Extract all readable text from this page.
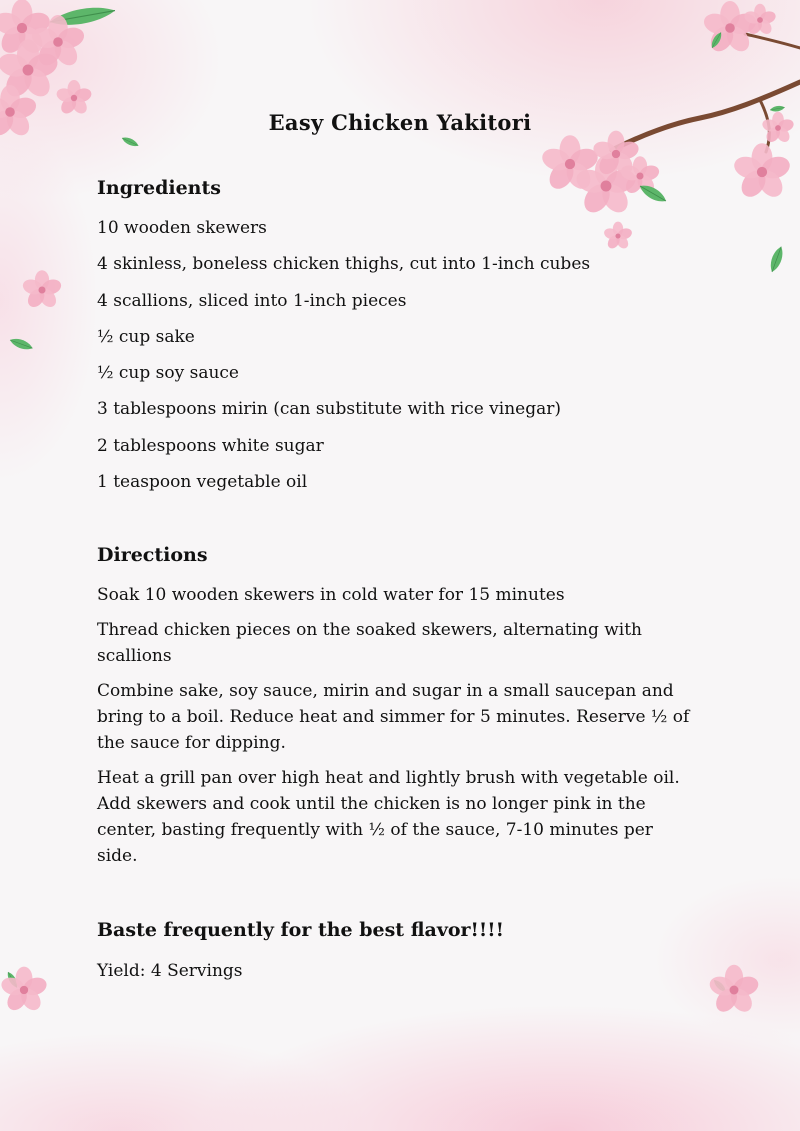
Easy Chicken Yakitori
Ingredients
10 wooden skewers
4 skinless, boneless chicken thighs, cut into 1-inch cubes
4 scallions, sliced into 1-inch pieces
½ cup sake
½ cup soy sauce
3 tablespoons mirin (can substitute with rice vinegar)
2 tablespoons white sugar
1 teaspoon vegetable oil
Directions
Soak 10 wooden skewers in cold water for 15 minutes
Thread chicken pieces on the soaked skewers, alternating with scallions
Combine sake, soy sauce, mirin and sugar in a small saucepan and bring to a boil. Reduce heat and simmer for 5 minutes. Reserve ½ of the sauce for dipping.
Heat a grill pan over high heat and lightly brush with vegetable oil. Add skewers and cook until the chicken is no longer pink in the center, basting frequently with ½ of the sauce, 7-10 minutes per side.
Baste frequently for the best flavor!!!!
Yield: 4 Servings
